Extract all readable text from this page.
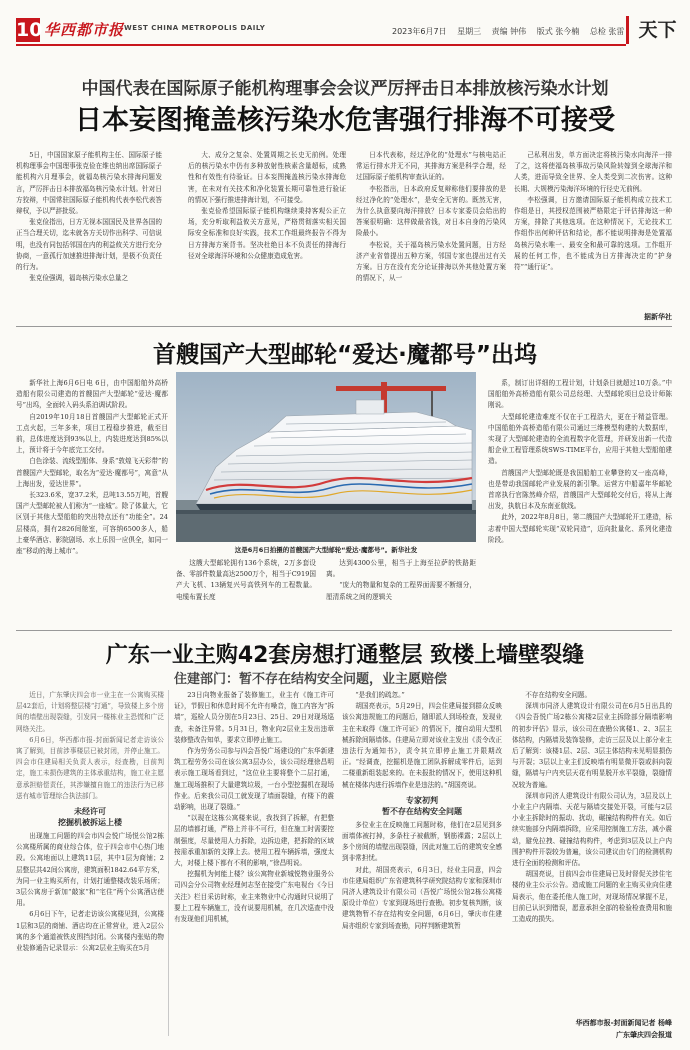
10 华西都市报 WEST CHINA METROPOLIS DAILY	2023年6月7日 星期三 责编 钟伟 版式 张今楠 总检 张雷 天下
中国代表在国际原子能机构理事会会议严厉抨击日本排放核污染水计划
日本妄图掩盖核污染水危害强行排海不可接受

5日，中国国家原子能机构主任、国际原子能机构理事会中国理事张克俭在维也纳出席国际原子能机构六月理事会，就福岛核污染水排海问题发言，严厉抨击日本排放福岛核污染水计划。针对日方狡辩，中国常驻国际原子能机构代表李松代表答辩权，予以严辞批驳。

张克俭指出，日方无视本国国民及世界各国的正当合理关切，迄未就各方关切作出科学、可信说明，也没有同包括邻国在内的利益攸关方进行充分协商，一意孤行加速推进排海计划，是极不负责任的行为。

张克俭强调，福岛核污染水总量之

大、成分之复杂、处置周期之长史无前例。处理后的核污染水中仍有多种放射性核素含量超标，成熟性和有效性有待验证。日本妄图掩盖核污染水排海危害，在未对有关技术和净化装置长期可靠性进行验证的情况下强行推进排海计划，不可接受。

张克俭希望国际原子能机构继续秉持客观公正立场，充分听取利益攸关方意见，严格贯彻落实相关国际安全标准和良好实践，技术工作组最终报告不得为日方排海方案背书。坚决杜绝日本不负责任的排海行径对全球海洋环境和公众健康造成危害。

日本代表称，经过净化的“处理水”与核电站正常运行排水并无不同，其排海方案是科学合理，经过国际原子能机构审查认证的。

李松指出，日本政府反复辩称他们要排放的是经过净化的“处理水”，是安全无害的。既然无害，为什么执意要向海洋排放？日本专家委员会给出的答案很明确：这样做最省钱，对日本自身的污染风险最小。

李松说，关于福岛核污染水处置问题，日方经济产业省曾提出五种方案，邻国专家也提出过有关方案。日方在没有充分论证排海以外其他处置方案的情况下，从一

己私利出发，单方面决定将核污染水向海洋一排了之，这将使福岛核事故污染风险转嫁到全球海洋和人类，进而导致全世界、全人类受到二次伤害。这种长期、大规模污染海洋环境的行径史无前例。

李松强调，日方邀请国际原子能机构成立技术工作组是日，其授权范围被严格限定于评估排海这一种方案，排除了其他选项。在这种情况下，无论技术工作组作出何种评估和结论，都不能说明排海是处置福岛核污染水唯一、最安全和最可靠的选项。工作组开展的任何工作，也不能成为日方排海决定的“护身符”“通行证”。

据新华社
首艘国产大型邮轮“爱达·魔都号”出坞

新华社上海6月6日电 6日，由中国船舶外高桥造船有限公司建造的首艘国产大型邮轮“爱达·魔都号”出坞，全面转入码头系泊调试阶段。

自2019年10月18日首艘国产大型邮轮正式开工点火起，三年多来，项目工程稳步推进，截至目前，总体进度达到93%以上，内装进度达到85%以上，预计将于今年底完工交付。

白色涂装、流线型船体、身系“敦煌飞天彩带”的首艘国产大型邮轮，取名为“爱达·魔都号”，寓意“从上海出发，爱达世界”。

长323.6米，宽37.2米，总吨13.55万吨，首艘国产大型邮轮被人们称为“一座城”。除了体量大，它区别于其他大型船舶的突出特点还有“功能全”。24层楼高，拥有2826间舱室，可容纳6500多人，船上豪华酒店、影院剧场、水上乐园一应俱全，如同一座“移动的海上城市”。	这是6月6日拍摄的首艘国产大型邮轮“爱达·魔都号”。新华社发

这艘大型邮轮拥有136个系统，2万多套设备、零部件数量高达2500万个，相当于C919国产大飞机、13辆复兴号高铁列车的工程数量。电缆布置长度

达到4300公里，相当于上海至拉萨的铁路距离。

“庞大的物量和复杂的工程界面需要不断细分，厘清系统之间的逻辑关

系，制订出详细的工程计划，计划条目就超过10万条。”中国船舶外高桥造船有限公司总经理、大型邮轮项目总设计师陈刚说。

大型邮轮建造难度不仅在于工程浩大，更在于精益管理。中国船舶外高桥造船有限公司通过三维模型构建的大数据库，实现了大型邮轮建造的全流程数字化管理，并研发出新一代造船企业工程管理系统SWS-TIME平台，应用于其他大型船舶建造。

首艘国产大型邮轮既是我国船舶工业攀登的又一座高峰，也是带动我国邮轮产业发展的新引擎。运营方中船嘉年华邮轮首席执行官陈然峰介绍，首艘国产大型邮轮交付后，将从上海出发，执航日本及东南亚航线。

此外，2022年8月8日，第二艘国产大型邮轮开工建造，标志着中国大型邮轮实现“双轮同造”，迈向批量化、系列化建造阶段。

广东一业主购42套房想打通整层 致楼上墙壁裂缝
住建部门：暂不存在结构安全问题，业主愿赔偿

近日，广东肇庆四会市一业主在一公寓购买楼层42套后，计划将整层楼“打通”，导致楼上多个房间的墙壁出现裂缝，引发同一楼栋业主恐慌和广泛网络关注。

6月6日，华西都市报-封面新闻记者走访该公寓了解到，目前涉事楼层已被封闭，并停止施工。四会市住建局相关负责人表示，经查勘，目前判定，施工未损伤建筑的主体承重结构，施工业主愿意承担赔偿责任，其涉嫌擅自施工的违法行为已移送有城市管理综合执法部门。

未经许可
挖掘机被拆运上楼

出现施工问题的四会市四会悦广场悦公馆2栋公寓楼所属的商业综合体，位于四会市中心热门地段。公寓地面以上建筑11层，其中1层为商铺；2层整层共42间公寓房，建筑面积1842.64平方米，为同一业主购买所有，计划打通整楼改装乐场所；3层公寓房于新加“敲家”和“宅住”两个公寓酒店使用。

6月6日下午，记者走访该公寓楼见到，公寓楼1层和3层的商铺、酒店均在正常营业，进入2层公寓的多个通道被铁皮围挡封闭。公寓楼内张贴的物业装修通告记录显示：公寓2层业主购买在5月

23日向物业报备了装修施工，业主有《施工许可证》，节假日和休息时间不允许有噪音，施工内容为“拆墙”，巡检人员分别在5月23日、25日、29日对现场巡查，未备注异常。5月31日，物业向2层业主发出违章装修整改告知单，要求立即停止施工。

作为劳务公司参与四会吾悦广场建设的广东华新建筑工程劳务公司在该公寓3层办公，该公司经理徐昌明表示施工现场看到过，“这位业主要将整个二层打通，施工现场推积了大量建筑垃圾，一台小型挖掘机在现场作业。后来我公司员工就发现了墙面裂缝，有楼下的震动影响，出现了裂缝。”

“以现在这栋公寓楼来说，我找到了拆解，有把整层的墙都打通，严格上并非不可行，但在施工时需要控制强度，尽量使用人力拆除，边拆边建，把拆除的区域按需承重加新的支撑上去。使用工程车辆拆墙，强度太大，对楼上楼下都有不利的影响，”徐昌明说。

挖掘机为何能上楼？该公寓物业新城悦物业服务公司四会分公司物业经理何志坚在接受广东电视台《今日关注》栏目采访时称，业主来物业中心沟通时只说明了要上工程车辆施工，没有说要用机械，在几次巡查中没有发现他们用机械，

“是我们的疏忽。”

胡国亮表示，5月29日，四会住建局接到群众反映该公寓违规施工的问题后，随即派人到场检查，发现业主在未取得《施工许可证》的情况下，擅自动用大型机械拆除间隔墙体。住建局立即对该业主发出《责令改正违法行为通知书》，责令其立即停止施工并限期改正。“经调查，挖掘机是施工团队拆解成零件后，运到二楼重新组装起来的。在未报批的情况下，使用这种机械在楼体内进行拆墙作业是违法的。”胡国亮说。

专家初判
暂不存在结构安全问题

多位业主在反映施工问题时称，他们在2层见到多面墙体被打掉，多条柱子被截断，钢筋裸露；2层以上多个房间的墙壁出现裂缝，因此对施工后的建筑安全感到非常担忧。

对此，胡国亮表示，6月3日，经业主同意，四会市住建局组织广东省建筑科学研究院结构专家和深圳市同济人建筑设计有限公司（吾悦广场悦公馆2栋公寓楼原设计单位）专家到现场进行查勘。初步复核判断，该建筑物暂不存在结构安全问题，6月6日，肇庆市住建局亦组织专家到场查勘，同样判断建筑暂

不存在结构安全问题。

深圳市同济人建筑设计有限公司在6月5日出具的《四会吾悦广场2栋公寓楼2层业主拆除部分隔墙影响的初步评估》显示，该公司在查勘公寓楼1、2、3层主体结构，内隔墙及装饰装修，走访三层及以上部分业主后了解到：该楼1层、2层、3层主体结构未见明显损伤与开裂；3层以上业主们反映墙有明显微开裂或斜向裂缝，隔墙与户内夹层天花有明显脱开水平裂缝，裂缝情况较为普遍。

深圳市同济人建筑设计有限公司认为，3层及以上小业主户内隔墙、天花与隔墙交接处开裂，可能与2层小业主拆除时的振动、扰动，碾撞结构构件有关。如后续实施部分内隔墙拆除，应采用控制施工方法，减小震动，避免拉拽、碰撞结构构件，考虑到3层及以上户内围护构件开裂较为普遍，该公司建议由专门的检测机构进行全面的检测和评估。

胡国亮说，目前四会市住建局已及时督促关涉住宅楼的业主公示公告。造成施工问题的业主购买业向住建局表示，他在委托他人施工时，对现场情况掌握不足，目前已认识到错误，愿意承担全部的检验检查费用和施工造成的损失。

华西都市报-封面新闻记者 杨峰
广东肇庆四会报道
